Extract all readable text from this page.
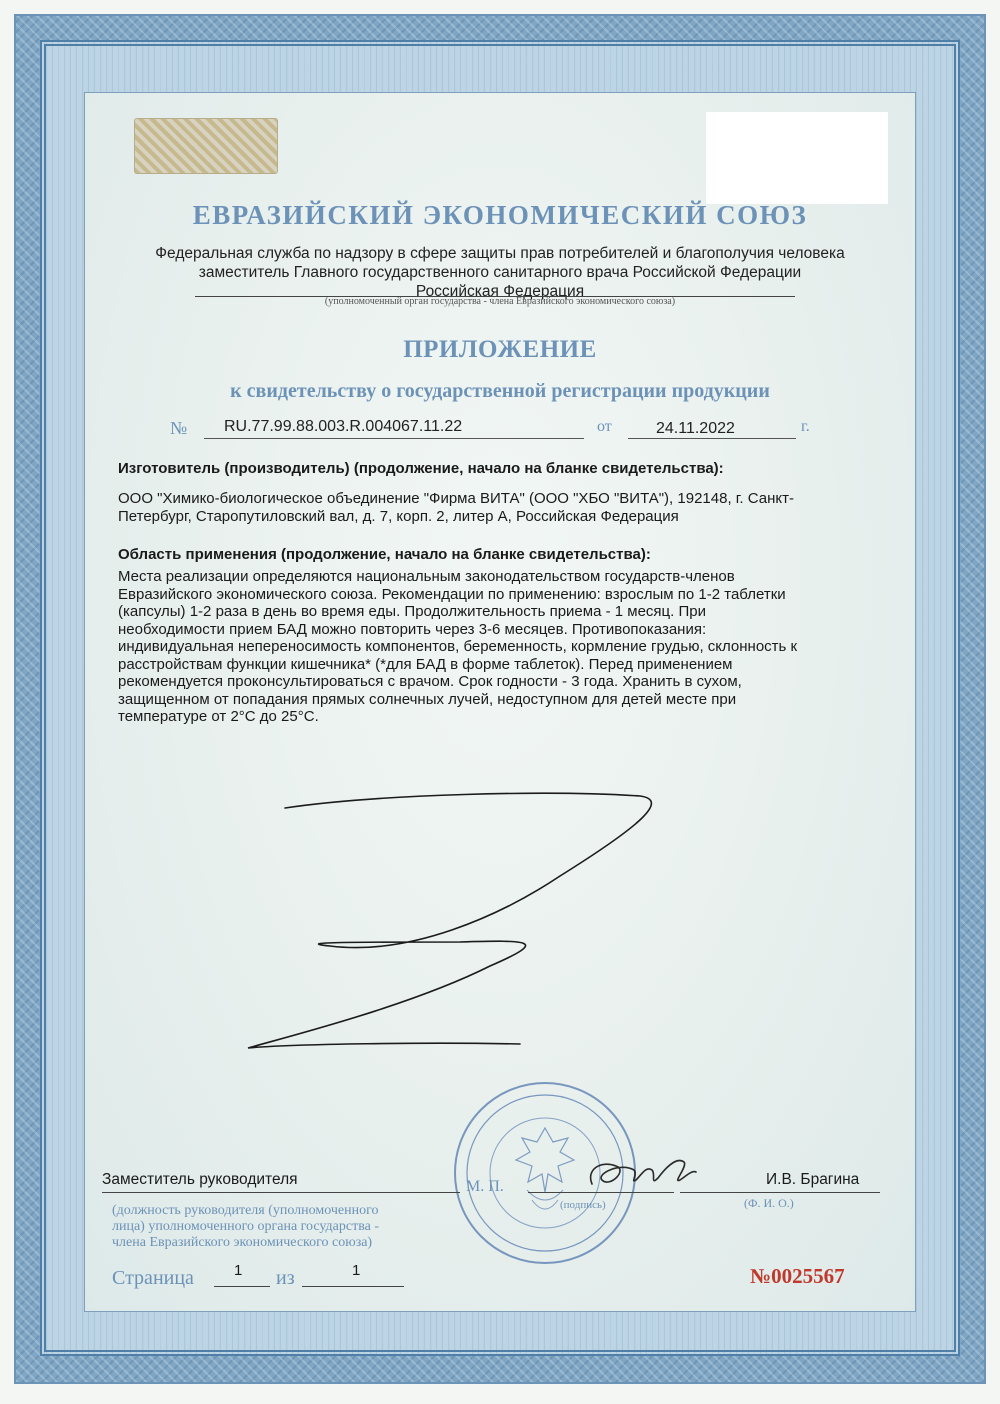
ЕВРАЗИЙСКИЙ ЭКОНОМИЧЕСКИЙ СОЮЗ
Федеральная служба по надзору в сфере защиты прав потребителей и благополучия человека
заместитель Главного государственного санитарного врача Российской Федерации
Российская Федерация
(уполномоченный орган государства - члена Евразийского экономического союза)
ПРИЛОЖЕНИЕ
к свидетельству о государственной регистрации продукции
№ RU.77.99.88.003.R.004067.11.22	от	24.11.2022	г.
Изготовитель (производитель) (продолжение, начало на бланке свидетельства):
ООО "Химико-биологическое объединение "Фирма ВИТА" (ООО "ХБО "ВИТА"), 192148, г. Санкт-
Петербург, Старопутиловский вал, д. 7, корп. 2, литер А, Российская Федерация
Область применения (продолжение, начало на бланке свидетельства):
Места реализации определяются национальным законодательством государств-членов
Евразийского экономического союза. Рекомендации по применению: взрослым по 1-2 таблетки
(капсулы) 1-2 раза в день во время еды. Продолжительность приема - 1 месяц. При
необходимости прием БАД можно повторить через 3-6 месяцев. Противопоказания:
индивидуальная непереносимость компонентов, беременность, кормление грудью, склонность к
расстройствам функции кишечника* (*для БАД в форме таблеток). Перед применением
рекомендуется проконсультироваться с врачом. Срок годности - 3 года. Хранить в сухом,
защищенном от попадания прямых солнечных лучей, недоступном для детей месте при
температуре от 2°С до 25°С.
Заместитель руководителя	М. П.
(подпись)
И.В. Брагина
(Ф. И. О.)
(должность руководителя (уполномоченного
лица) уполномоченного органа государства -
члена Евразийского экономического союза)
Страница	1 из	1	№0025567
